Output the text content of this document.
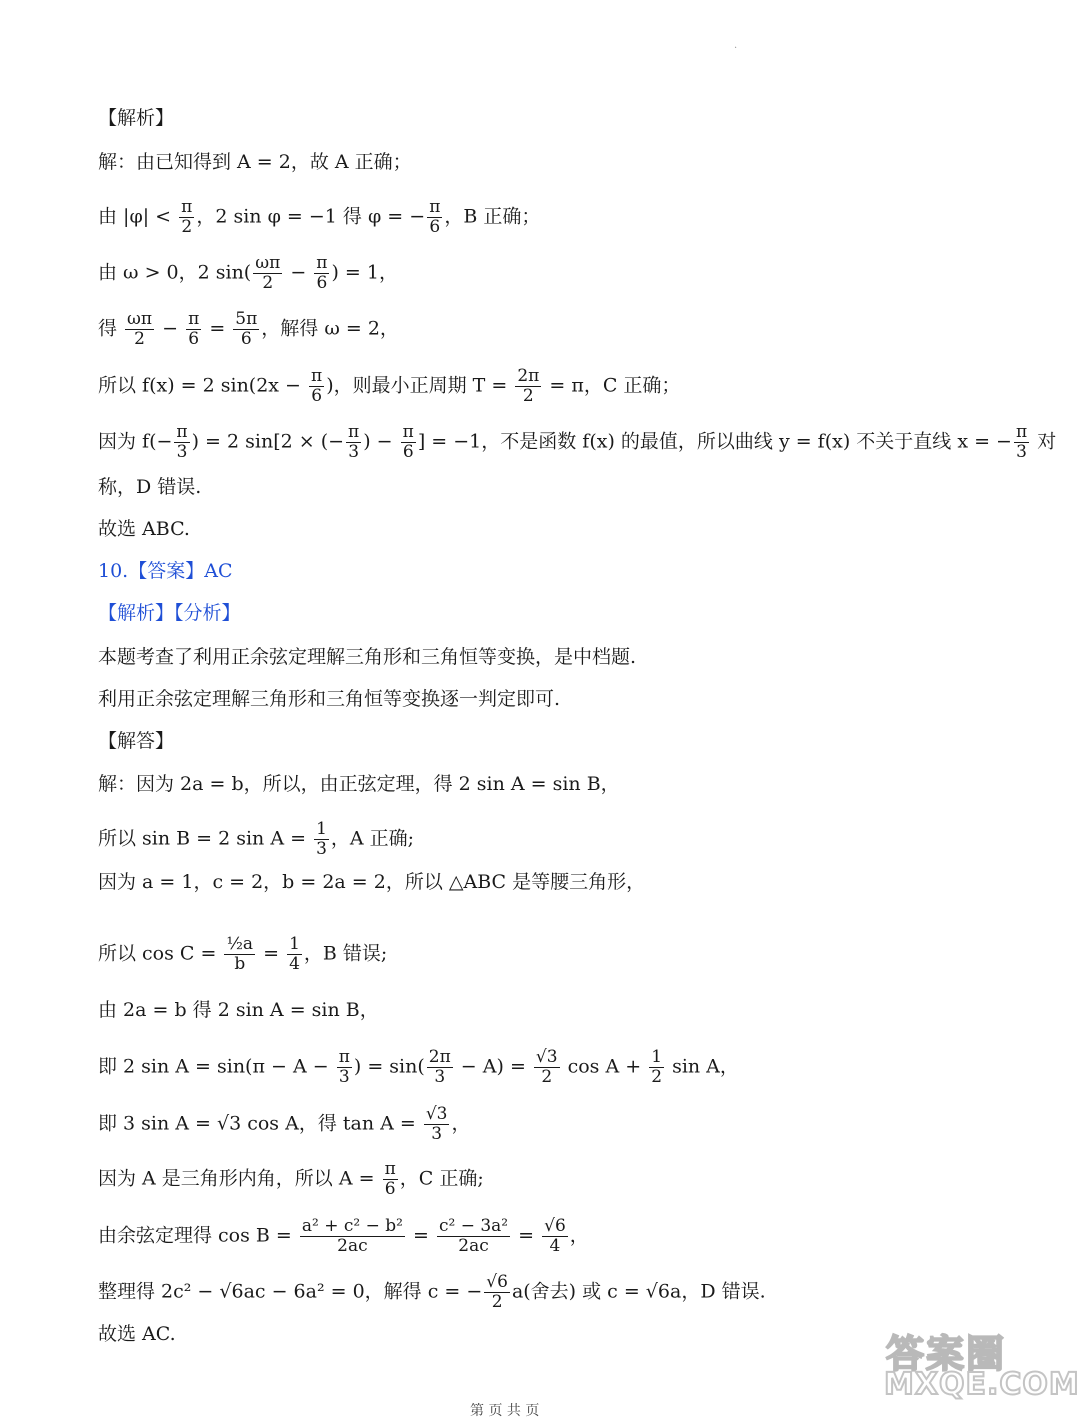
.
【解析】
解：由已知得到 A = 2，故 A 正确；
由 $|\varphi| < \frac{\pi}{2}$ ，2 sin φ = −1 得 φ = − $\frac{\pi}{6}$ ，B 正确；
由 ω > 0，2 $\sin( \frac{\omega\pi}{2} - \frac{\pi}{6}$ ) = 1，
得 $\frac{\omega\pi}{2} - \frac{\pi}{6} = \frac{5\pi}{6}$ ，解得 ω = 2，
所以 f(x) = 2 $\sin(2x - \frac{\pi}{6}$ )，则最小正周期 $T = \frac{2\pi}{2} = \pi$，C 正确；
因为 $f(- \frac{\pi}{3}$ ) = 2 sin[2 × (− $\frac{\pi}{3}$ ) − $\frac{\pi}{6}$ ] = −1，不是函数 f(x) 的最值，所以曲线 y = f(x) 不关于直线 x = − $\frac{\pi}{3}$ 对
称，D 错误.
故选 ABC.
10.【答案】AC
【解析】【分析】
本题考查了利用正余弦定理解三角形和三角恒等变换，是中档题.
利用正余弦定理解三角形和三角恒等变换逐一判定即可.
【解答】
解：因为 2a = b，所以，由正弦定理，得 2 sin A = sin B，
所以 sin B = 2 $\sin A = \frac{1}{3}$ ，A 正确;
因为 a = 1，c = 2，b = 2a = 2，所以 △ABC 是等腰三角形，
所以 $\cos C = \frac{\text{½a}}{b} = \frac{1}{4}$ ，B 错误;
由 2a = b 得 2 sin A = sin B，
即 2 $\sin A = \sin(\pi - A - \frac{\pi}{3}$ ) = $\sin( \frac{2\pi}{3} - A) = \frac{√3}{2}$ $\cos A + \frac{1}{2}$ sin A，
即 3 sin A = √3 cos A，得 $\tan A = \frac{√3}{3}$ ，
因为 A 是三角形内角，所以 $A = \frac{\pi}{6}$ ，C 正确;
由余弦定理得 $\cos B = \frac{\text{a² + c² − b²}}{2ac} = \frac{\text{c² − 3a²}}{2ac} = \frac{√6}{4}$ ，
整理得 2c² − √6ac − 6a² = 0，解得 c = − $\frac{√6}{2} a$(舍去) 或 c = √6a，D 错误.
故选 AC.
第 页 共 页
答案圈
MXQE.COM
